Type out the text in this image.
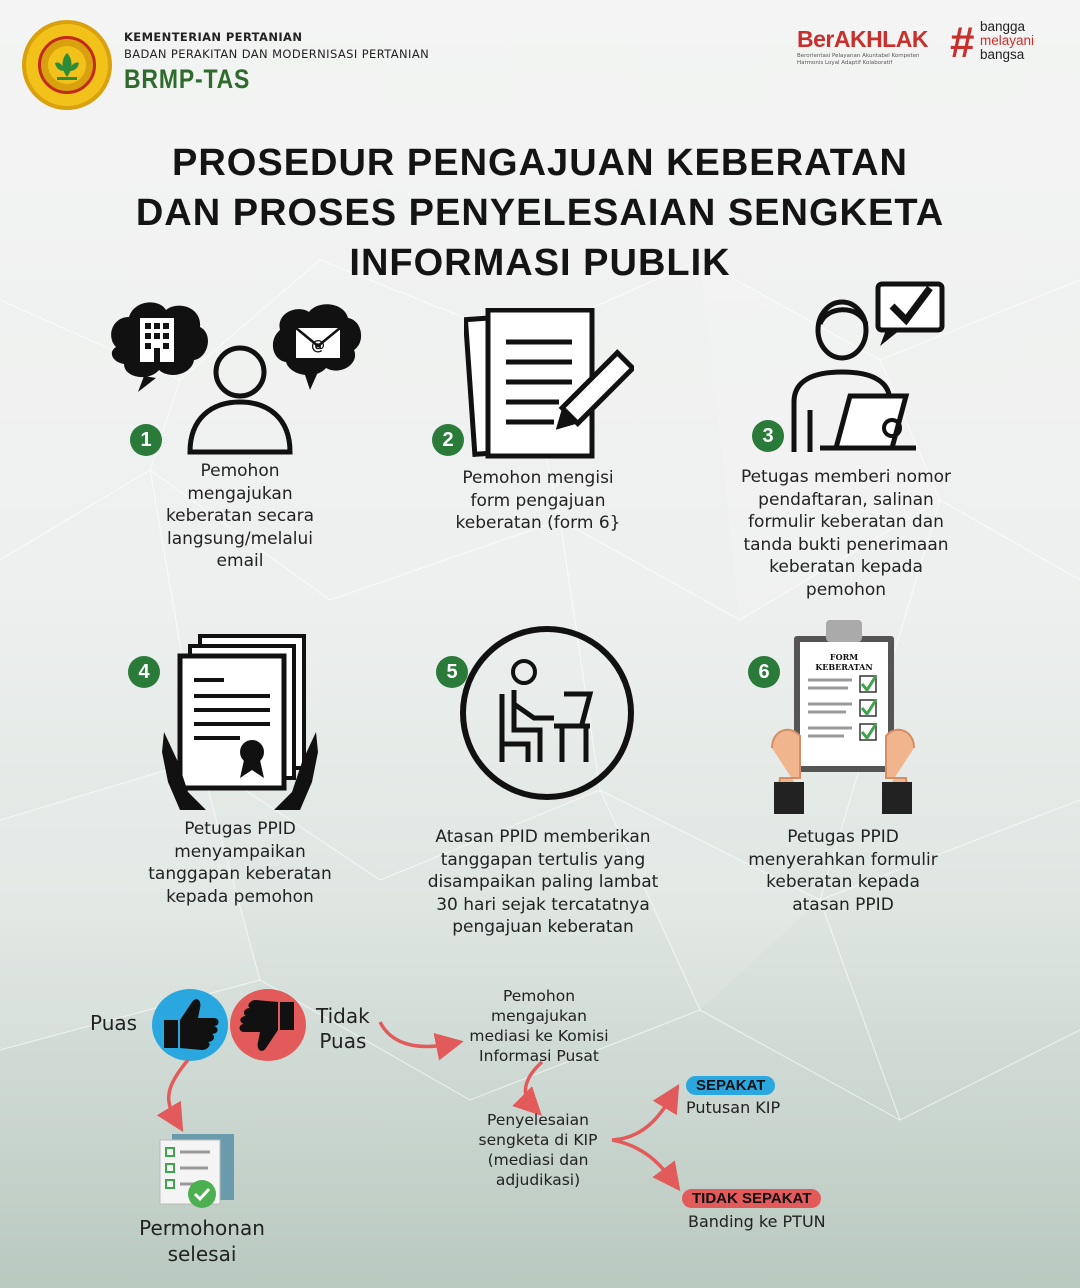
KEMENTERIAN PERTANIAN
BADAN PERAKITAN DAN MODERNISASI PERTANIAN
BRMP-TAS
BerAKHLAK
Berorientasi Pelayanan Akuntabel Kompeten Harmonis Loyal Adaptif Kolaboratif	# bangga
melayani
bangsa
PROSEDUR PENGAJUAN KEBERATAN
DAN PROSES PENYELESAIAN SENGKETA
INFORMASI PUBLIK
@
FORM
KEBERATAN
1	2	3
4	5	6
Pemohon
mengajukan
keberatan secara
langsung/melalui
email
Pemohon mengisi
form pengajuan
keberatan (form 6}
Petugas memberi nomor
pendaftaran, salinan
formulir keberatan dan
tanda bukti penerimaan
keberatan kepada
pemohon
Petugas PPID
menyampaikan
tanggapan keberatan
kepada pemohon
Atasan PPID memberikan
tanggapan tertulis yang
disampaikan paling lambat
30 hari sejak tercatatnya
pengajuan keberatan
Petugas PPID
menyerahkan formulir
keberatan kepada
atasan PPID
Puas	Tidak
Puas
Pemohon
mengajukan
mediasi ke Komisi
Informasi Pusat
Penyelesaian
sengketa di KIP
(mediasi dan
adjudikasi)
SEPAKAT
Putusan KIP
TIDAK SEPAKAT
Banding ke PTUN
Permohonan
selesai
